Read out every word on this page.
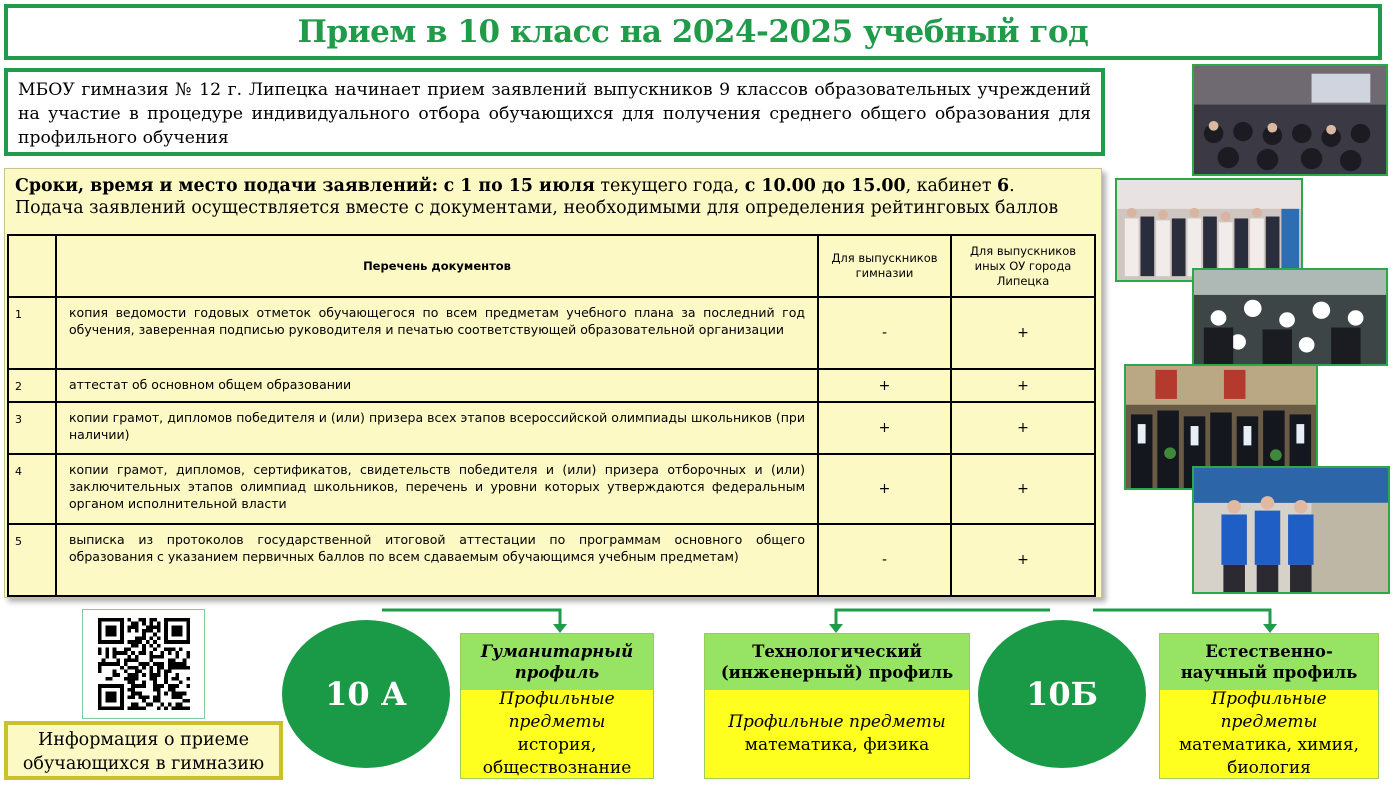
Прием в 10 класс на 2024-2025 учебный год

МБОУ гимназия № 12 г. Липецка начинает прием заявлений выпускников 9 классов образовательных учреждений на участие в процедуре индивидуального отбора обучающихся для получения среднего общего образования для профильного обучения

Сроки, время и место подачи заявлений: с 1 по 15 июля текущего года, с 10.00 до 15.00, кабинет 6.
Подача заявлений осуществляется вместе с документами, необходимыми для определения рейтинговых баллов
	Перечень документов	Для выпускников гимназии	Для выпускников иных ОУ города Липецка
1	копия ведомости годовых отметок обучающегося по всем предметам учебного плана за последний год обучения, заверенная подписью руководителя и печатью соответствующей образовательной организации	-	+
2	аттестат об основном общем образовании	+	+
3	копии грамот, дипломов победителя и (или) призера всех этапов всероссийской олимпиады школьников (при наличии)	+	+
4	копии грамот, дипломов, сертификатов, свидетельств победителя и (или) призера отборочных и (или) заключительных этапов олимпиад школьников, перечень и уровни которых утверждаются федеральным органом исполнительной власти	+	+
5	выписка из протоколов государственной итоговой аттестации по программам основного общего образования с указанием первичных баллов по всем сдаваемым обучающимся учебным предметам)	-	+
Информация о приеме
обучающихся в гимназию
10 А	10Б
Гуманитарный
профиль
Профильные
предметы
история,
обществознание
Технологический
(инженерный) профиль
Профильные предметы
математика, физика
Естественно-
научный профиль
Профильные
предметы
математика, химия,
биология
